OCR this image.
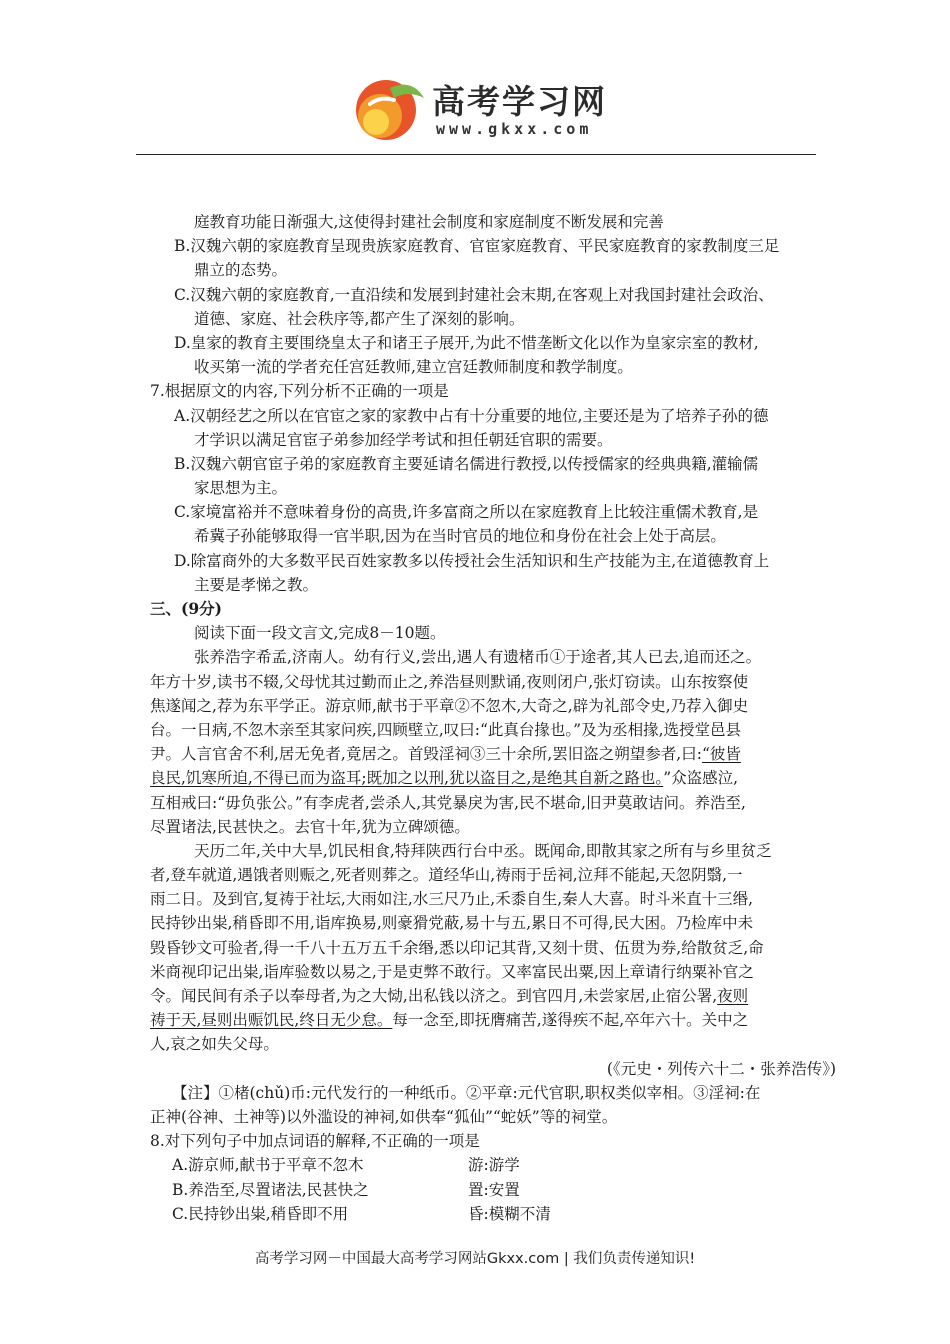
高考学习网
www.gkxx.com
庭教育功能日渐强大,这使得封建社会制度和家庭制度不断发展和完善
B.汉魏六朝的家庭教育呈现贵族家庭教育、官宦家庭教育、平民家庭教育的家教制度三足
鼎立的态势。
C.汉魏六朝的家庭教育,一直沿续和发展到封建社会末期,在客观上对我国封建社会政治、
道德、家庭、社会秩序等,都产生了深刻的影响。
D.皇家的教育主要围绕皇太子和诸王子展开,为此不惜垄断文化以作为皇家宗室的教材,
收买第一流的学者充任宫廷教师,建立宫廷教师制度和教学制度。
7.根据原文的内容,下列分析不正确的一项是
A.汉朝经艺之所以在官宦之家的家教中占有十分重要的地位,主要还是为了培养子孙的德
才学识以满足官宦子弟参加经学考试和担任朝廷官职的需要。
B.汉魏六朝官宦子弟的家庭教育主要延请名儒进行教授,以传授儒家的经典典籍,灌输儒
家思想为主。
C.家境富裕并不意味着身份的高贵,许多富商之所以在家庭教育上比较注重儒术教育,是
希冀子孙能够取得一官半职,因为在当时官员的地位和身份在社会上处于高层。
D.除富商外的大多数平民百姓家教多以传授社会生活知识和生产技能为主,在道德教育上
主要是孝悌之教。
三、(9分)
阅读下面一段文言文,完成8－10题。
张养浩字希孟,济南人。幼有行义,尝出,遇人有遗楮币①于途者,其人已去,追而还之。
年方十岁,读书不辍,父母忧其过勤而止之,养浩昼则默诵,夜则闭户,张灯窃读。山东按察使
焦遂闻之,荐为东平学正。游京师,献书于平章②不忽木,大奇之,辟为礼部令史,乃荐入御史
台。一日病,不忽木亲至其家问疾,四顾壁立,叹曰:“此真台掾也。”及为丞相掾,选授堂邑县
尹。人言官舍不利,居无免者,竟居之。首毁淫祠③三十余所,罢旧盗之朔望参者,曰:“彼皆
良民,饥寒所迫,不得已而为盗耳;既加之以刑,犹以盗目之,是绝其自新之路也。”众盗感泣,
互相戒曰:“毋负张公。”有李虎者,尝杀人,其党暴戾为害,民不堪命,旧尹莫敢诘问。养浩至,
尽置诸法,民甚快之。去官十年,犹为立碑颂德。
天历二年,关中大旱,饥民相食,特拜陕西行台中丞。既闻命,即散其家之所有与乡里贫乏
者,登车就道,遇饿者则赈之,死者则葬之。道经华山,祷雨于岳祠,泣拜不能起,天忽阴翳,一
雨二日。及到官,复祷于社坛,大雨如注,水三尺乃止,禾黍自生,秦人大喜。时斗米直十三缗,
民持钞出粜,稍昏即不用,诣库换易,则豪猾党蔽,易十与五,累日不可得,民大困。乃检库中未
毁昏钞文可验者,得一千八十五万五千余缗,悉以印记其背,又刻十贯、伍贯为券,给散贫乏,命
米商视印记出粜,诣库验数以易之,于是吏弊不敢行。又率富民出粟,因上章请行纳粟补官之
令。闻民间有杀子以奉母者,为之大恸,出私钱以济之。到官四月,未尝家居,止宿公署,夜则
祷于天,昼则出赈饥民,终日无少怠。每一念至,即抚膺痛苦,遂得疾不起,卒年六十。关中之
人,哀之如失父母。
(《元史・列传六十二・张养浩传》)
【注】①楮(chǔ)币:元代发行的一种纸币。②平章:元代官职,职权类似宰相。③淫祠:在
正神(谷神、土神等)以外滥设的神祠,如供奉“狐仙”“蛇妖”等的祠堂。
8.对下列句子中加点词语的解释,不正确的一项是
A.游京师,献书于平章不忽木	游:游学
B.养浩至,尽置诸法,民甚快之	置:安置
C.民持钞出粜,稍昏即不用	昏:模糊不清
高考学习网－中国最大高考学习网站Gkxx.com | 我们负责传递知识!
